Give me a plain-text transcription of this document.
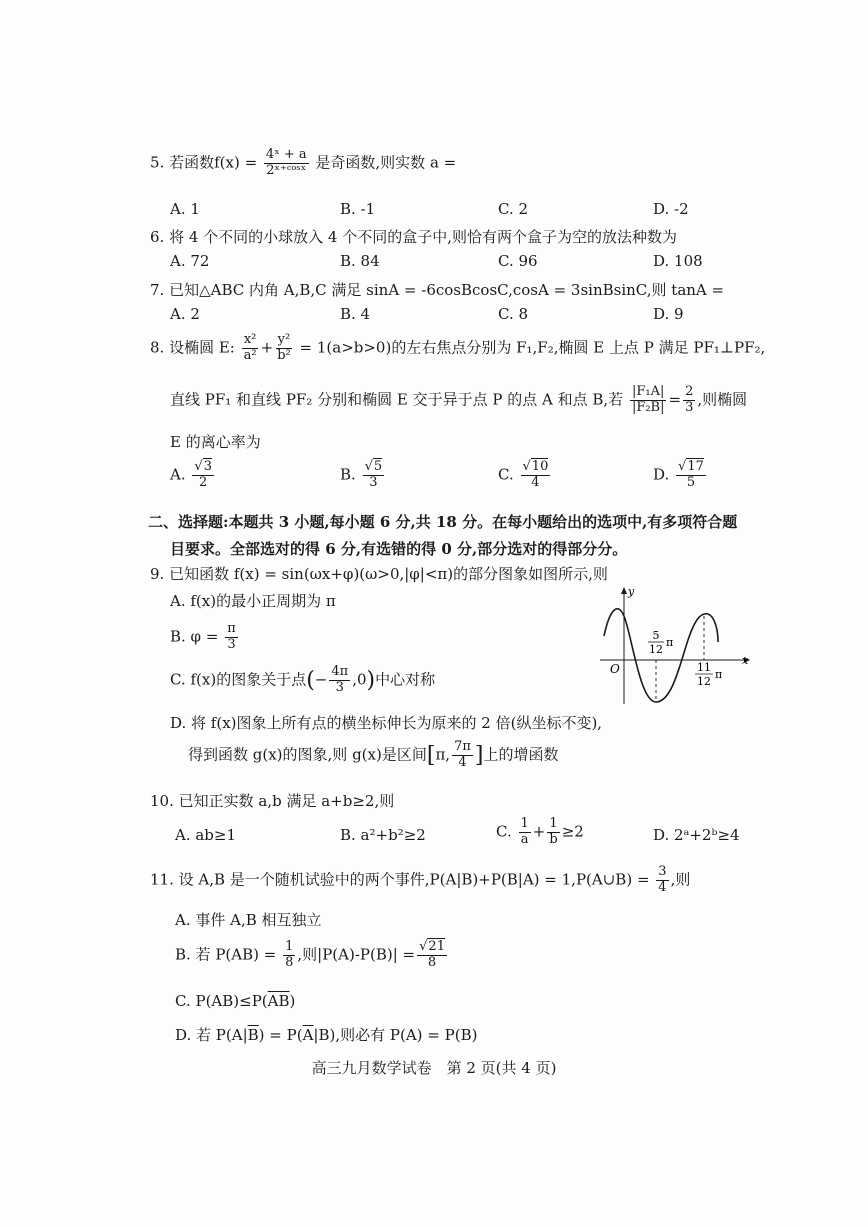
5. 若函数$f(x) = \frac{\text{4ˣ + a}}{\text{2ˣ⁺ᶜᵒˢˣ}}$ 是奇函数,则实数 a =
A. 1	B. -1	C. 2	D. -2
6. 将 4 个不同的小球放入 4 个不同的盒子中,则恰有两个盒子为空的放法种数为
A. 72	B. 84	C. 96	D. 108
7. 已知△ABC 内角 A,B,C 满足 sinA = -6cosBcosC,cosA = 3sinBsinC,则 tanA =
A. 2	B. 4	C. 8	D. 9
8. 设椭圆 E: $\frac{\text{x²}}{\text{a²}} + \frac{\text{y²}}{\text{b²}} = 1(a>b>0)$的左右焦点分别为 F₁,F₂,椭圆 E 上点 P 满足 PF₁⊥PF₂,
直线 PF₁ 和直线 PF₂ 分别和椭圆 E 交于异于点 P 的点 A 和点 B,若 $\frac{\text{|F₁A|}}{\text{|F₂B|}} = \frac{2}{3}$ ,则椭圆
E 的离心率为
A. $\frac{√3}{2}$	B. $\frac{√5}{3}$	C. $\frac{√10}{4}$	D. $\frac{√17}{5}$
二、选择题:本题共 3 小题,每小题 6 分,共 18 分。在每小题给出的选项中,有多项符合题
目要求。全部选对的得 6 分,有选错的得 0 分,部分选对的得部分分。
9. 已知函数 f(x) = sin(ωx+φ)(ω>0,|φ|<π)的部分图象如图所示,则
A. f(x)的最小正周期为 π
B. $\varphi = \frac{\pi}{3}$
C. f(x)的图象关于点(− $\frac{4\pi}{3} ,0$)中心对称
D. 将 f(x)图象上所有点的横坐标伸长为原来的 2 倍(纵坐标不变),
得到函数 g(x)的图象,则 g(x)是区间[π, $\frac{7\pi}{4}$ ]上的增函数
y
x
O
5
12
π
11
12
π
10. 已知正实数 a,b 满足 a+b≥2,则
A. ab≥1	B. a²+b²≥2	C. $\frac{1}{a} + \frac{1}{b} \ge 2$	D. 2ᵃ+2ᵇ≥4
11. 设 A,B 是一个随机试验中的两个事件,P(A|B)+P(B|A) = 1,P(A∪B) = $\frac{3}{4}$ ,则
A. 事件 A,B 相互独立
B. 若 $P(AB) = \frac{1}{8}$ ,则$|P(A)-P(B)| = \frac{√21}{8}$
C. $P(AB)\le P(\overline{AB})$
D. 若 $P(A|\overline{B}) = P(\overline{A}|B)$,则必有 P(A) = P(B)
高三九月数学试卷　第 2 页(共 4 页)
